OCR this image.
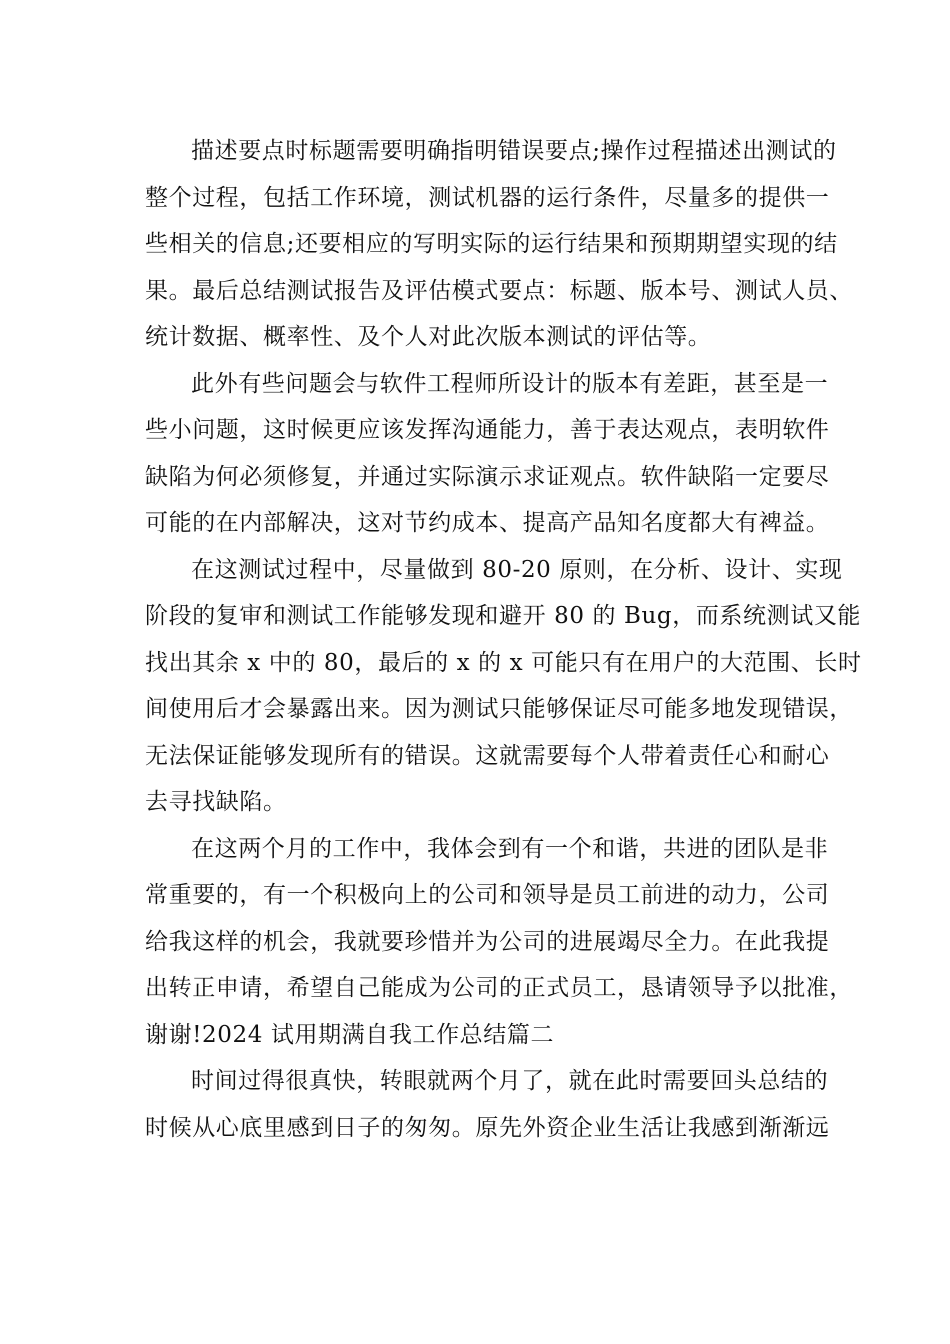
描述要点时标题需要明确指明错误要点;操作过程描述出测试的
整个过程，包括工作环境，测试机器的运行条件，尽量多的提供一
些相关的信息;还要相应的写明实际的运行结果和预期期望实现的结
果。最后总结测试报告及评估模式要点：标题、版本号、测试人员、
统计数据、概率性、及个人对此次版本测试的评估等。

此外有些问题会与软件工程师所设计的版本有差距，甚至是一
些小问题，这时候更应该发挥沟通能力，善于表达观点，表明软件
缺陷为何必须修复，并通过实际演示求证观点。软件缺陷一定要尽
可能的在内部解决，这对节约成本、提高产品知名度都大有裨益。

在这测试过程中，尽量做到 80-20 原则，在分析、设计、实现
阶段的复审和测试工作能够发现和避开 80 的 Bug，而系统测试又能
找出其余 x 中的 80，最后的 x 的 x 可能只有在用户的大范围、长时
间使用后才会暴露出来。因为测试只能够保证尽可能多地发现错误，
无法保证能够发现所有的错误。这就需要每个人带着责任心和耐心
去寻找缺陷。

在这两个月的工作中，我体会到有一个和谐，共进的团队是非
常重要的，有一个积极向上的公司和领导是员工前进的动力，公司
给我这样的机会，我就要珍惜并为公司的进展竭尽全力。在此我提
出转正申请，希望自己能成为公司的正式员工，恳请领导予以批准，
谢谢!2024 试用期满自我工作总结篇二

时间过得很真快，转眼就两个月了，就在此时需要回头总结的
时候从心底里感到日子的匆匆。原先外资企业生活让我感到渐渐远
